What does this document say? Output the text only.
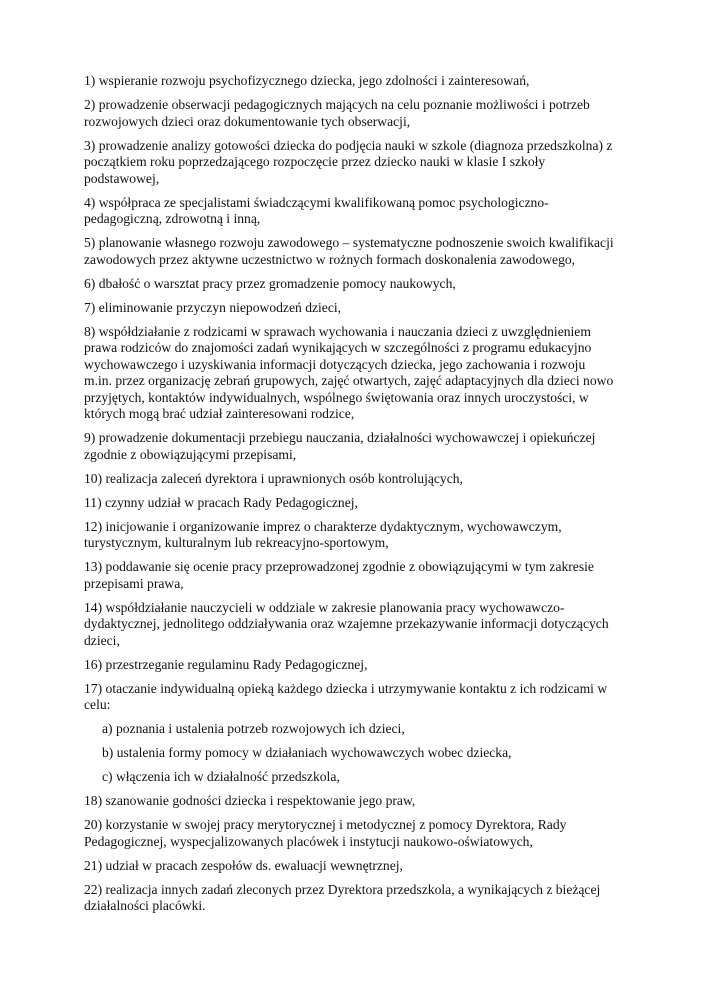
1) wspieranie rozwoju psychofizycznego dziecka, jego zdolności i zainteresowań,
2) prowadzenie obserwacji pedagogicznych mających na celu poznanie możliwości i potrzeb
rozwojowych dzieci oraz dokumentowanie tych obserwacji,
3) prowadzenie analizy gotowości dziecka do podjęcia nauki w szkole (diagnoza przedszkolna) z
początkiem roku poprzedzającego rozpoczęcie przez dziecko nauki w klasie I szkoły
podstawowej,
4) współpraca ze specjalistami świadczącymi kwalifikowaną pomoc psychologiczno-
pedagogiczną, zdrowotną i inną,
5) planowanie własnego rozwoju zawodowego – systematyczne podnoszenie swoich kwalifikacji
zawodowych przez aktywne uczestnictwo w rożnych formach doskonalenia zawodowego,
6) dbałość o warsztat pracy przez gromadzenie pomocy naukowych,
7) eliminowanie przyczyn niepowodzeń dzieci,
8) współdziałanie z rodzicami w sprawach wychowania i nauczania dzieci z uwzględnieniem
prawa rodziców do znajomości zadań wynikających w szczególności z programu edukacyjno
wychowawczego i uzyskiwania informacji dotyczących dziecka, jego zachowania i rozwoju
m.in. przez organizację zebrań grupowych, zajęć otwartych, zajęć adaptacyjnych dla dzieci nowo
przyjętych, kontaktów indywidualnych, wspólnego świętowania oraz innych uroczystości, w
których mogą brać udział zainteresowani rodzice,
9) prowadzenie dokumentacji przebiegu nauczania, działalności wychowawczej i opiekuńczej
zgodnie z obowiązującymi przepisami,
10) realizacja zaleceń dyrektora i uprawnionych osób kontrolujących,
11) czynny udział w pracach Rady Pedagogicznej,
12) inicjowanie i organizowanie imprez o charakterze dydaktycznym, wychowawczym,
turystycznym, kulturalnym lub rekreacyjno-sportowym,
13) poddawanie się ocenie pracy przeprowadzonej zgodnie z obowiązującymi w tym zakresie
przepisami prawa,
14) współdziałanie nauczycieli w oddziale w zakresie planowania pracy wychowawczo-
dydaktycznej, jednolitego oddziaływania oraz wzajemne przekazywanie informacji dotyczących
dzieci,
16) przestrzeganie regulaminu Rady Pedagogicznej,
17) otaczanie indywidualną opieką każdego dziecka i utrzymywanie kontaktu z ich rodzicami w
celu:
a) poznania i ustalenia potrzeb rozwojowych ich dzieci,
b) ustalenia formy pomocy w działaniach wychowawczych wobec dziecka,
c) włączenia ich w działalność przedszkola,
18) szanowanie godności dziecka i respektowanie jego praw,
20) korzystanie w swojej pracy merytorycznej i metodycznej z pomocy Dyrektora, Rady
Pedagogicznej, wyspecjalizowanych placówek i instytucji naukowo-oświatowych,
21) udział w pracach zespołów ds. ewaluacji wewnętrznej,
22) realizacja innych zadań zleconych przez Dyrektora przedszkola, a wynikających z bieżącej
działalności placówki.
